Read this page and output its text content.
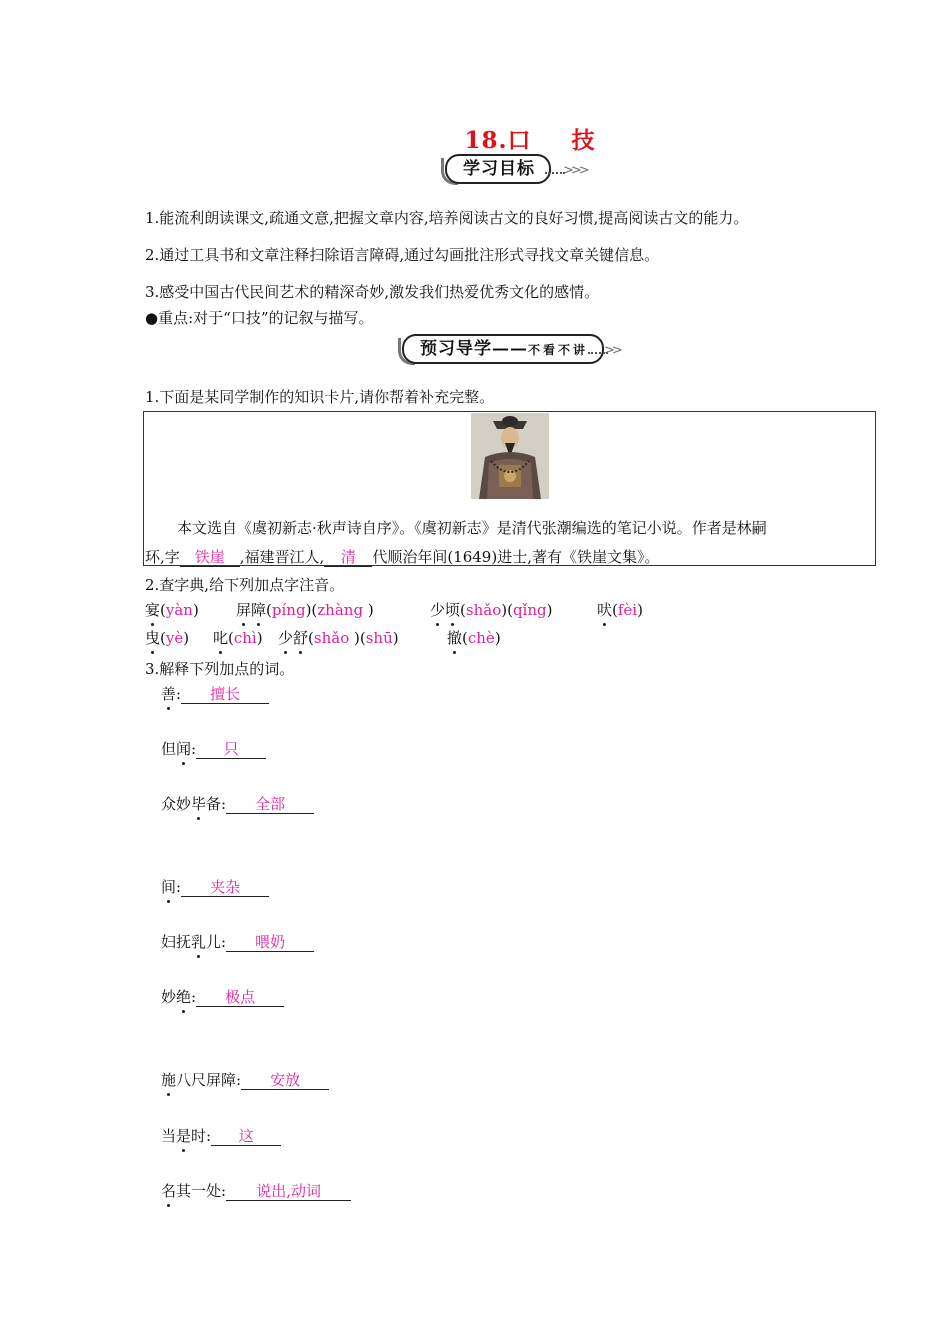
18.口 技
学习目标	>>>
1.能流利朗读课文,疏通文意,把握文章内容,培养阅读古文的良好习惯,提高阅读古文的能力。
2.通过工具书和文章注释扫除语言障碍,通过勾画批注形式寻找文章关键信息。
3.感受中国古代民间艺术的精深奇妙,激发我们热爱优秀文化的感情。
●重点:对于“口技”的记叙与描写。
预习导学——不看不讲	>>
1.下面是某同学制作的知识卡片,请你帮着补充完整。
本文选自《虞初新志·秋声诗自序》。《虞初新志》是清代张潮编选的笔记小说。作者是林嗣
环,字 铁崖 ,福建晋江人, 清 代顺治年间(1649)进士,著有《铁崖文集》。
2.查字典,给下列加点字注音。
宴(yàn) 屏障(píng)(zhàng )	少顷(shǎo)(qǐng)	吠(fèi)
曳(yè) 叱(chì) 少舒(shǎo )(shū)	撤(chè)
3.解释下列加点的词。
善: 擅长
但闻: 只
众妙毕备: 全部
间: 夹杂
妇抚乳儿: 喂奶
妙绝: 极点
施八尺屏障: 安放
当是时: 这
名其一处: 说出,动词
